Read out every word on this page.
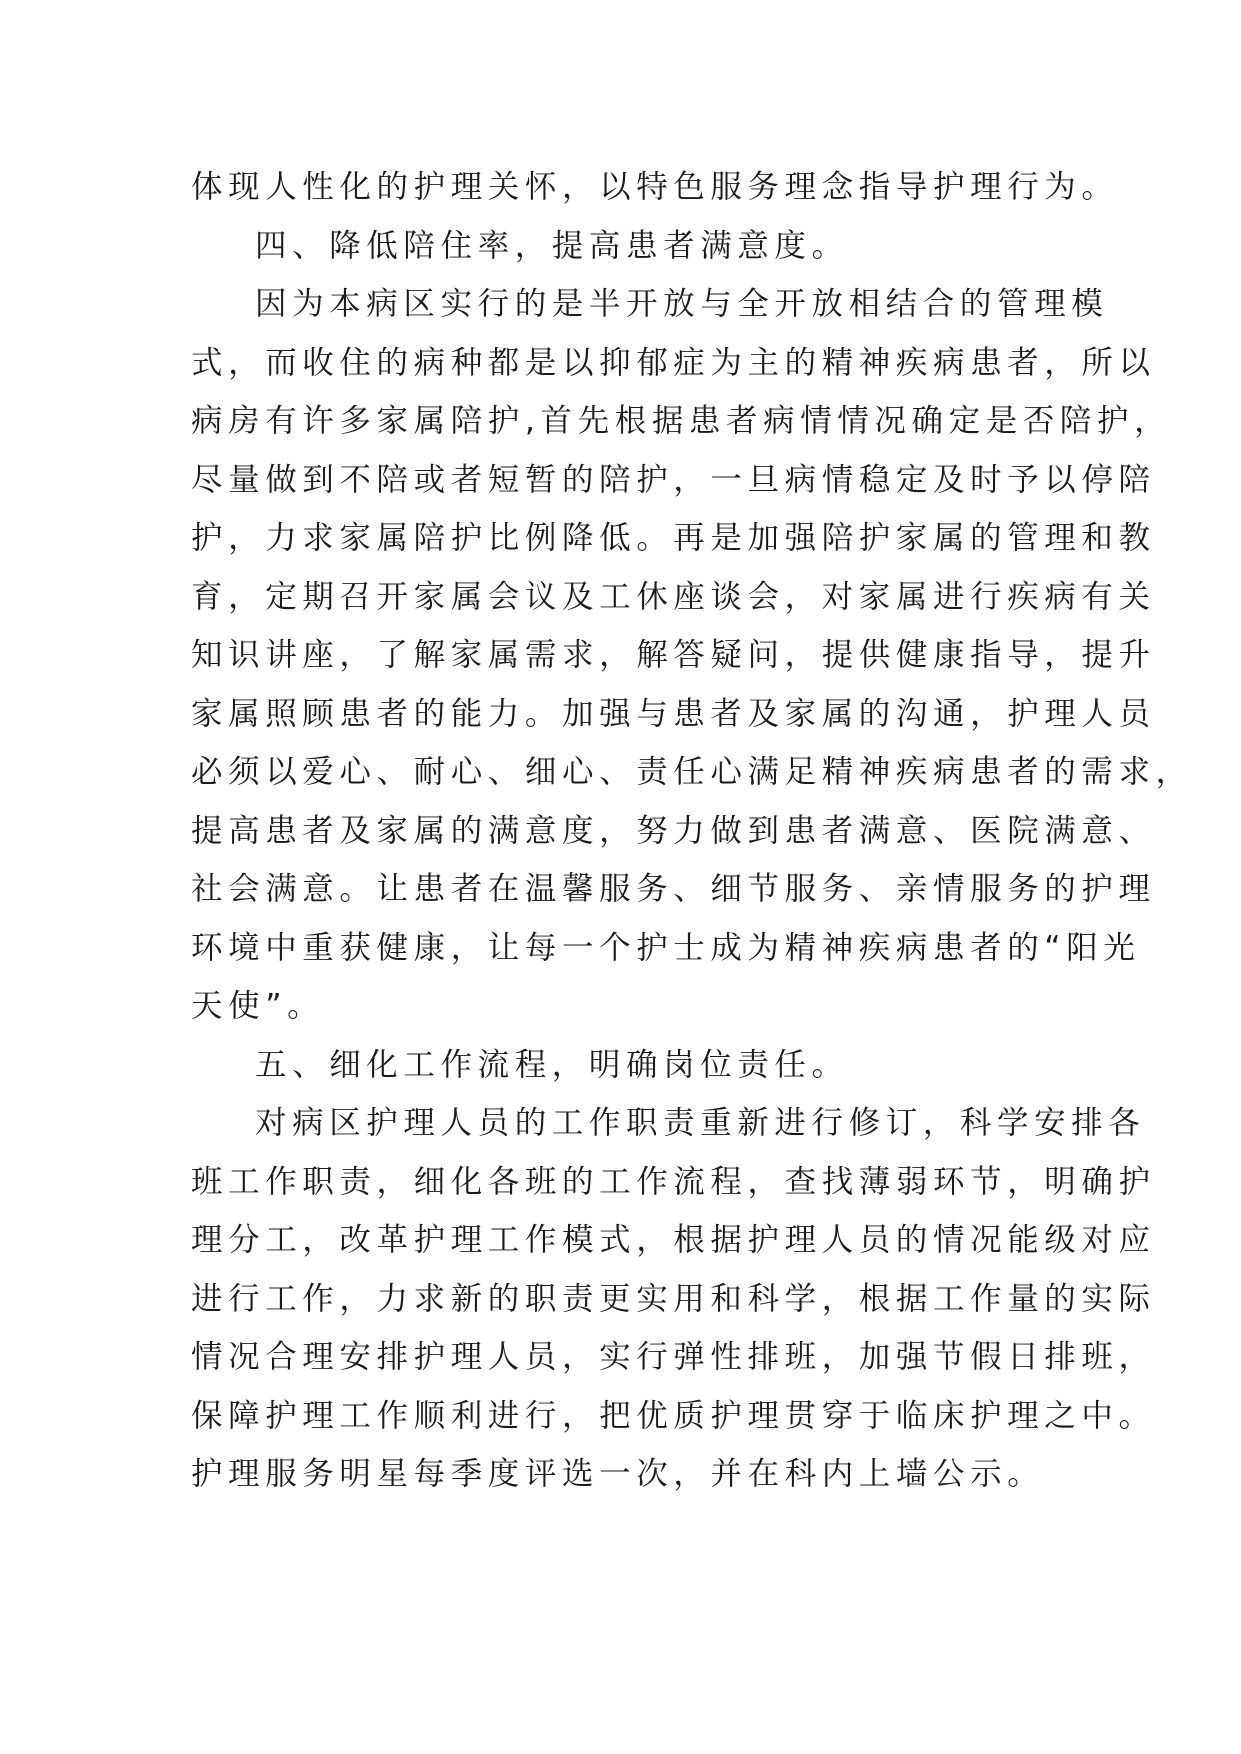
体现人性化的护理关怀，以特色服务理念指导护理行为。
四、降低陪住率，提高患者满意度。
因为本病区实行的是半开放与全开放相结合的管理模
式，而收住的病种都是以抑郁症为主的精神疾病患者，所以
病房有许多家属陪护,首先根据患者病情情况确定是否陪护，
尽量做到不陪或者短暂的陪护，一旦病情稳定及时予以停陪
护，力求家属陪护比例降低。再是加强陪护家属的管理和教
育，定期召开家属会议及工休座谈会，对家属进行疾病有关
知识讲座，了解家属需求，解答疑问，提供健康指导，提升
家属照顾患者的能力。加强与患者及家属的沟通，护理人员
必须以爱心、耐心、细心、责任心满足精神疾病患者的需求，
提高患者及家属的满意度，努力做到患者满意、医院满意、
社会满意。让患者在温馨服务、细节服务、亲情服务的护理
环境中重获健康，让每一个护士成为精神疾病患者的“阳光
天使”。
五、细化工作流程，明确岗位责任。
对病区护理人员的工作职责重新进行修订，科学安排各
班工作职责，细化各班的工作流程，查找薄弱环节，明确护
理分工，改革护理工作模式，根据护理人员的情况能级对应
进行工作，力求新的职责更实用和科学，根据工作量的实际
情况合理安排护理人员，实行弹性排班，加强节假日排班，
保障护理工作顺利进行，把优质护理贯穿于临床护理之中。
护理服务明星每季度评选一次，并在科内上墙公示。
